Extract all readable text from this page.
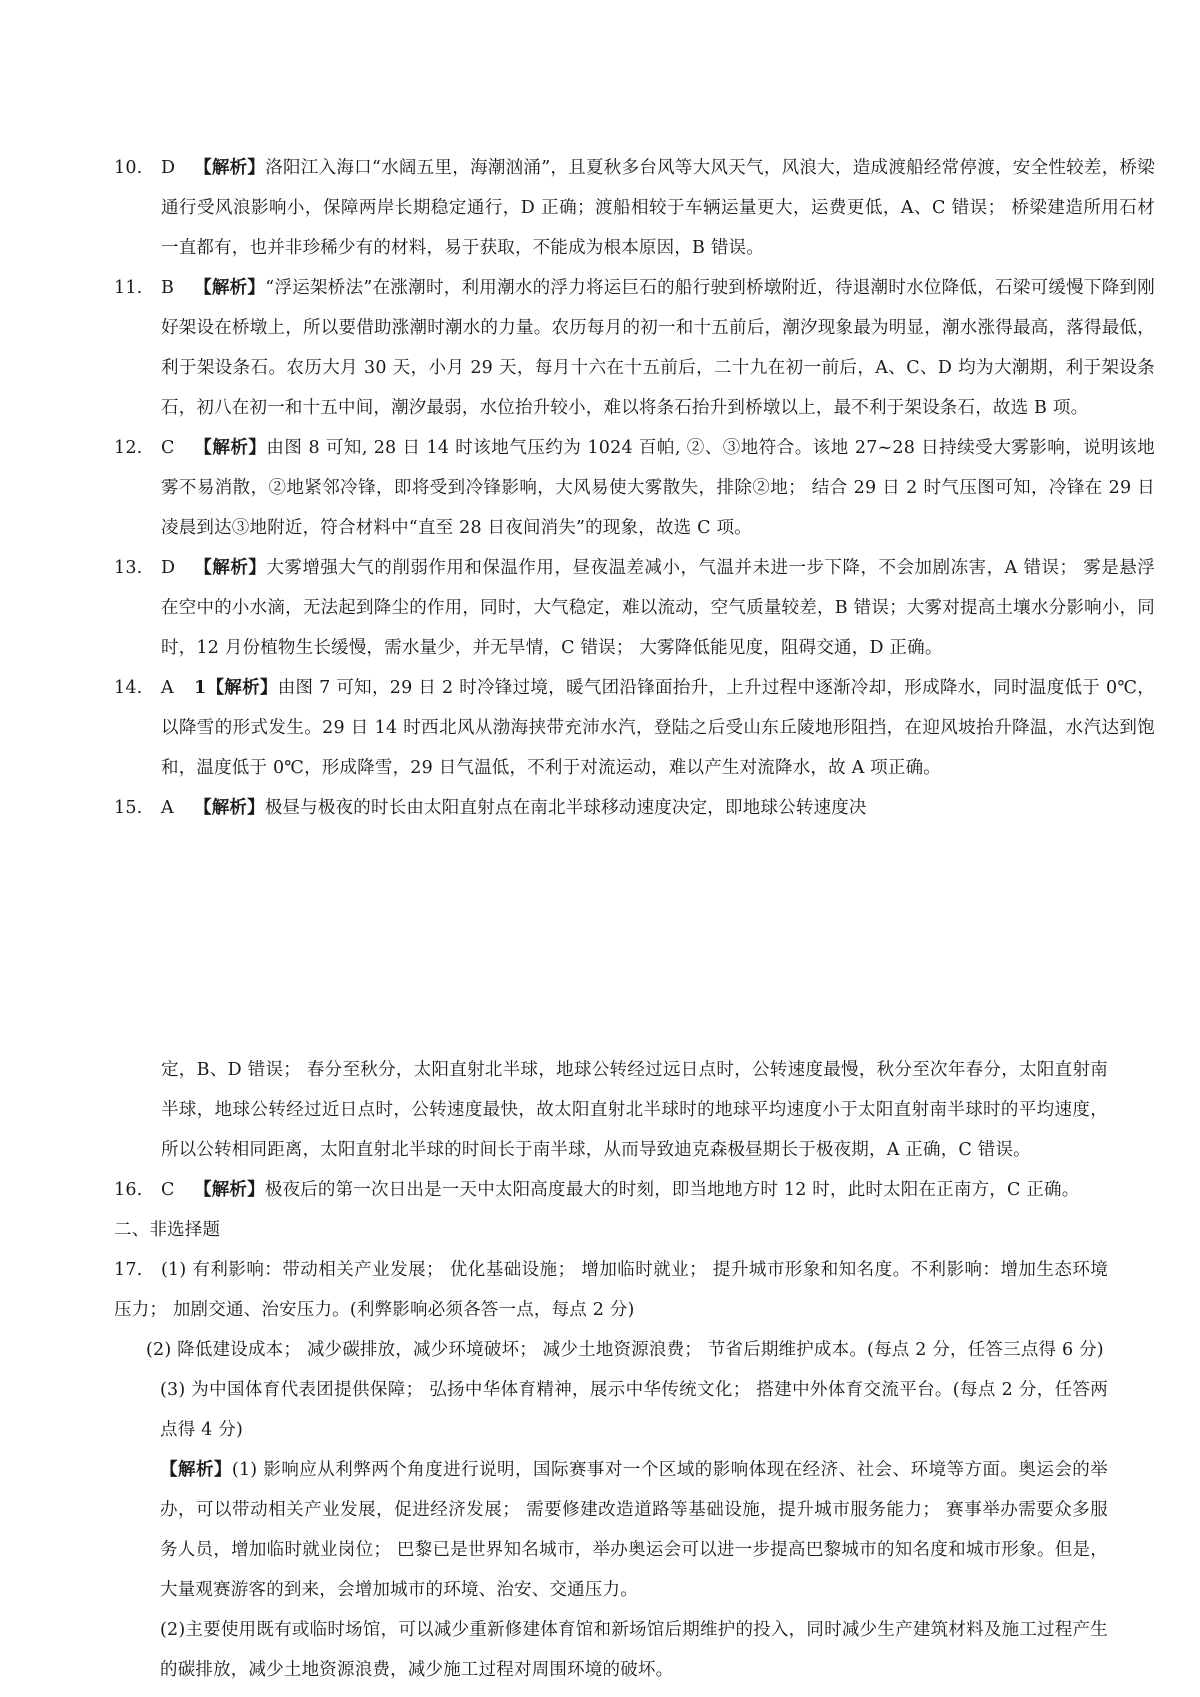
10. D 【解析】洛阳江入海口“水阔五里，海潮汹涌”，且夏秋多台风等大风天气，风浪大，造成渡船经常停渡，安全性较差，桥梁通行受风浪影响小，保障两岸长期稳定通行，D 正确；渡船相较于车辆运量更大，运费更低，A、C 错误； 桥梁建造所用石材一直都有，也并非珍稀少有的材料，易于获取，不能成为根本原因，B 错误。

11. B 【解析】“浮运架桥法”在涨潮时，利用潮水的浮力将运巨石的船行驶到桥墩附近，待退潮时水位降低，石梁可缓慢下降到刚好架设在桥墩上，所以要借助涨潮时潮水的力量。农历每月的初一和十五前后，潮汐现象最为明显，潮水涨得最高，落得最低，利于架设条石。农历大月 30 天，小月 29 天，每月十六在十五前后，二十九在初一前后，A、C、D 均为大潮期，利于架设条石，初八在初一和十五中间，潮汐最弱，水位抬升较小，难以将条石抬升到桥墩以上，最不利于架设条石，故选 B 项。

12. C 【解析】由图 8 可知, 28 日 14 时该地气压约为 1024 百帕, ②、③地符合。该地 27~28 日持续受大雾影响，说明该地雾不易消散，②地紧邻冷锋，即将受到冷锋影响，大风易使大雾散失，排除②地； 结合 29 日 2 时气压图可知，冷锋在 29 日凌晨到达③地附近，符合材料中“直至 28 日夜间消失”的现象，故选 C 项。

13. D 【解析】大雾增强大气的削弱作用和保温作用，昼夜温差减小，气温并未进一步下降，不会加剧冻害，A 错误； 雾是悬浮在空中的小水滴，无法起到降尘的作用，同时，大气稳定，难以流动，空气质量较差，B 错误；大雾对提高土壤水分影响小，同时，12 月份植物生长缓慢，需水量少，并无旱情，C 错误； 大雾降低能见度，阻碍交通，D 正确。

14. A 1【解析】由图 7 可知，29 日 2 时冷锋过境，暖气团沿锋面抬升，上升过程中逐渐冷却，形成降水，同时温度低于 0℃，以降雪的形式发生。29 日 14 时西北风从渤海挟带充沛水汽，登陆之后受山东丘陵地形阻挡，在迎风坡抬升降温，水汽达到饱和，温度低于 0℃，形成降雪，29 日气温低，不利于对流运动，难以产生对流降水，故 A 项正确。

15. A 【解析】极昼与极夜的时长由太阳直射点在南北半球移动速度决定，即地球公转速度决

定，B、D 错误； 春分至秋分，太阳直射北半球，地球公转经过远日点时，公转速度最慢，秋分至次年春分，太阳直射南半球，地球公转经过近日点时，公转速度最快，故太阳直射北半球时的地球平均速度小于太阳直射南半球时的平均速度，所以公转相同距离，太阳直射北半球的时间长于南半球，从而导致迪克森极昼期长于极夜期，A 正确，C 错误。

16. C 【解析】极夜后的第一次日出是一天中太阳高度最大的时刻，即当地地方时 12 时，此时太阳在正南方，C 正确。

二、非选择题

17. (1) 有利影响：带动相关产业发展； 优化基础设施； 增加临时就业； 提升城市形象和知名度。不利影响：增加生态环境压力； 加剧交通、治安压力。(利弊影响必须各答一点，每点 2 分)

(2) 降低建设成本； 减少碳排放，减少环境破坏； 减少土地资源浪费； 节省后期维护成本。(每点 2 分，任答三点得 6 分)

(3) 为中国体育代表团提供保障； 弘扬中华体育精神，展示中华传统文化； 搭建中外体育交流平台。(每点 2 分，任答两点得 4 分)

【解析】(1) 影响应从利弊两个角度进行说明，国际赛事对一个区域的影响体现在经济、社会、环境等方面。奥运会的举办，可以带动相关产业发展，促进经济发展； 需要修建改造道路等基础设施，提升城市服务能力； 赛事举办需要众多服务人员，增加临时就业岗位； 巴黎已是世界知名城市，举办奥运会可以进一步提高巴黎城市的知名度和城市形象。但是，大量观赛游客的到来，会增加城市的环境、治安、交通压力。

(2)主要使用既有或临时场馆，可以减少重新修建体育馆和新场馆后期维护的投入，同时减少生产建筑材料及施工过程产生的碳排放，减少土地资源浪费，减少施工过程对周围环境的破坏。
